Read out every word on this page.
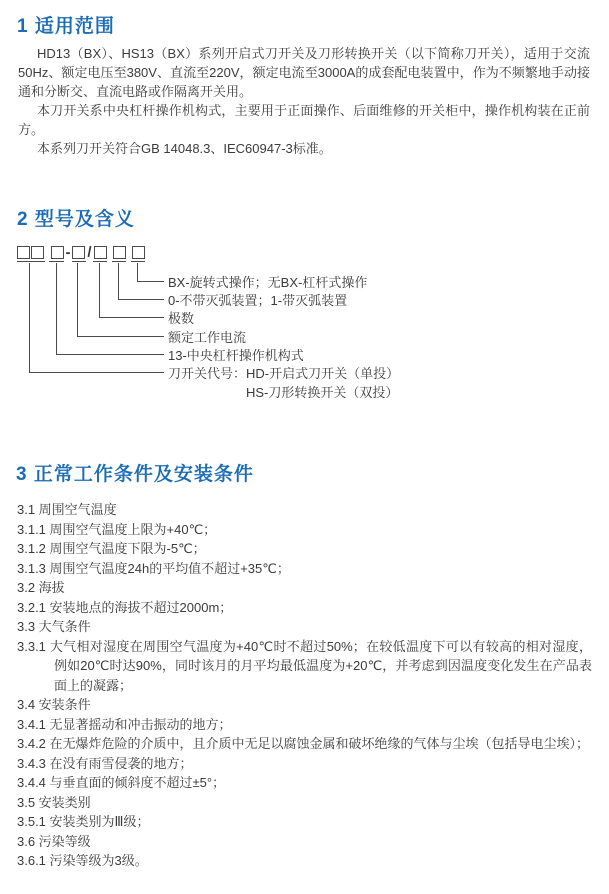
1 适用范围

HD13（BX）、HS13（BX）系列开启式刀开关及刀形转换开关（以下简称刀开关），适用于交流50Hz、额定电压至380V、直流至220V，额定电流至3000A的成套配电装置中，作为不频繁地手动接通和分断交、直流电路或作隔离开关用。

本刀开关系中央杠杆操作机构式，主要用于正面操作、后面维修的开关柜中，操作机构装在正前方。

本系列刀开关符合GB 14048.3、IEC60947-3标准。

2 型号及含义
- /
BX-旋转式操作；无BX-杠杆式操作
0-不带灭弧装置；1-带灭弧装置
极数
额定工作电流
13-中央杠杆操作机构式
刀开关代号：HD-开启式刀开关（单投）
HS-刀形转换开关（双投）
3 正常工作条件及安装条件

3.1 周围空气温度

3.1.1 周围空气温度上限为+40℃；

3.1.2 周围空气温度下限为-5℃；

3.1.3 周围空气温度24h的平均值不超过+35℃；

3.2 海拔

3.2.1 安装地点的海拔不超过2000m；

3.3 大气条件

3.3.1 大气相对湿度在周围空气温度为+40℃时不超过50%；在较低温度下可以有较高的相对湿度，例如20℃时达90%，同时该月的月平均最低温度为+20℃，并考虑到因温度变化发生在产品表面上的凝露；

3.4 安装条件

3.4.1 无显著摇动和冲击振动的地方；

3.4.2 在无爆炸危险的介质中，且介质中无足以腐蚀金属和破坏绝缘的气体与尘埃（包括导电尘埃）；

3.4.3 在没有雨雪侵袭的地方；

3.4.4 与垂直面的倾斜度不超过±5°；

3.5 安装类别

3.5.1 安装类别为Ⅲ级；

3.6 污染等级

3.6.1 污染等级为3级。
